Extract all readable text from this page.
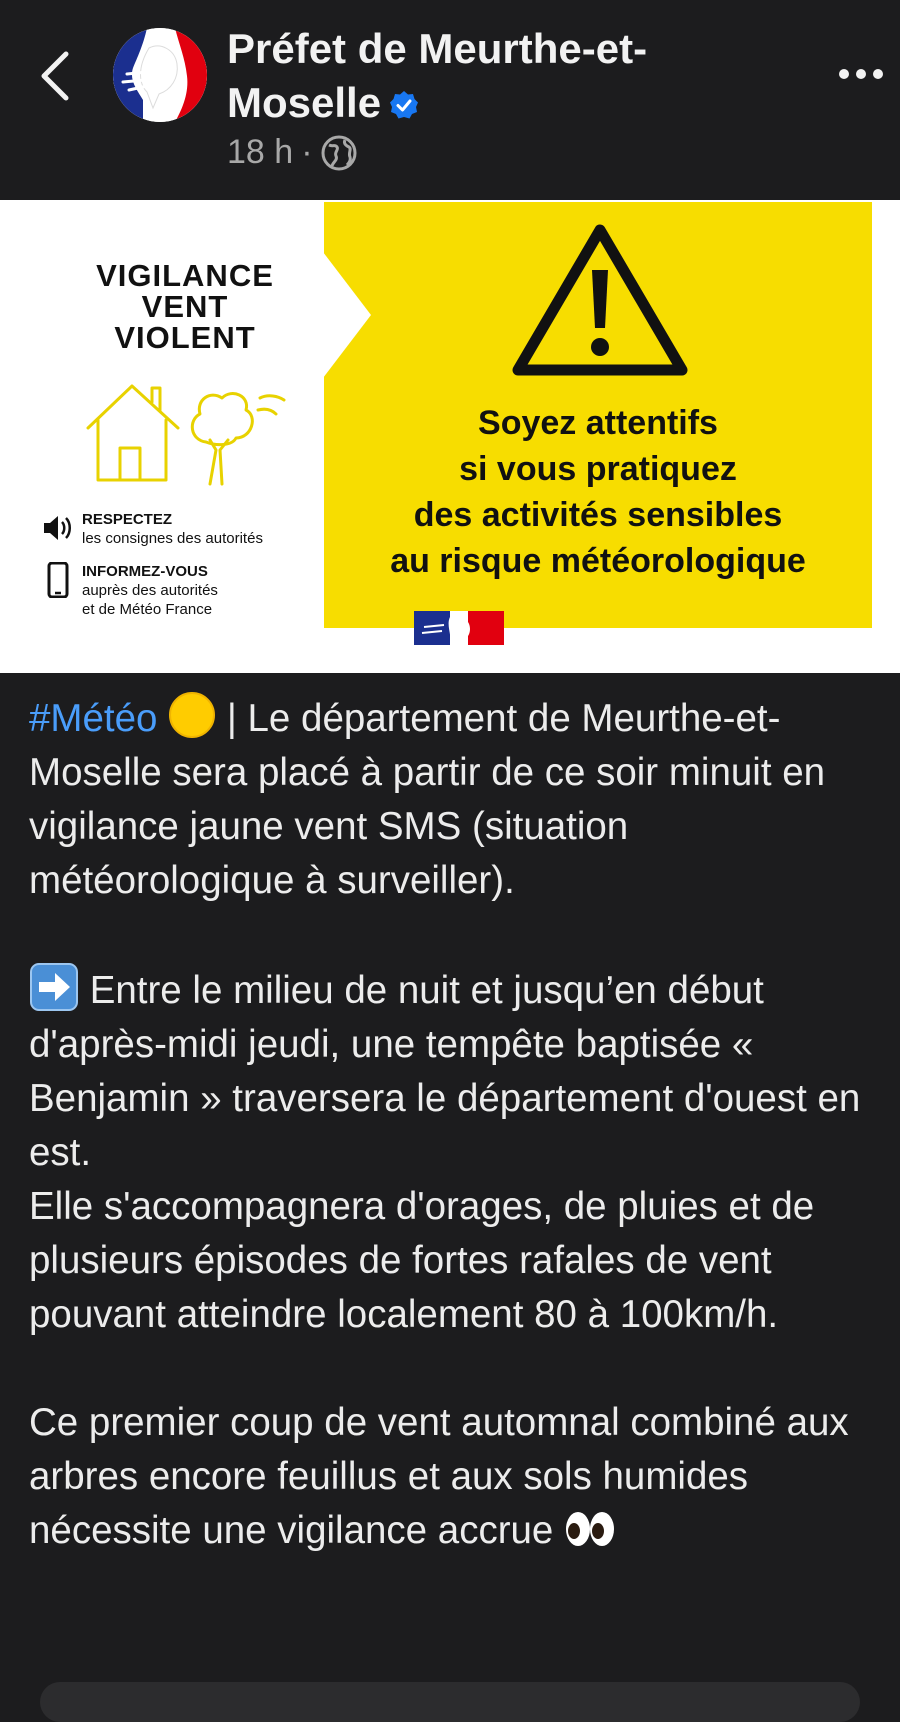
Préfet de Meurthe-et-Moselle
18 h ·
VIGILANCE
VENT
VIOLENT
RESPECTEZ
les consignes des autorités
INFORMEZ-VOUS
auprès des autorités
et de Météo France
Soyez attentifs
si vous pratiquez
des activités sensibles
au risque météorologique

#Météo  | Le département de Meurthe-et-Moselle sera placé à partir de ce soir minuit en vigilance jaune vent SMS (situation météorologique à surveiller).

Entre le milieu de nuit et jusqu’en début d'après-midi jeudi, une tempête baptisée « Benjamin » traversera le département d'ouest en est.

Elle s'accompagnera d'orages, de pluies et de plusieurs épisodes de fortes rafales de vent pouvant atteindre localement 80 à 100km/h.

Ce premier coup de vent automnal combiné aux arbres encore feuillus et aux sols humides nécessite une vigilance accrue
